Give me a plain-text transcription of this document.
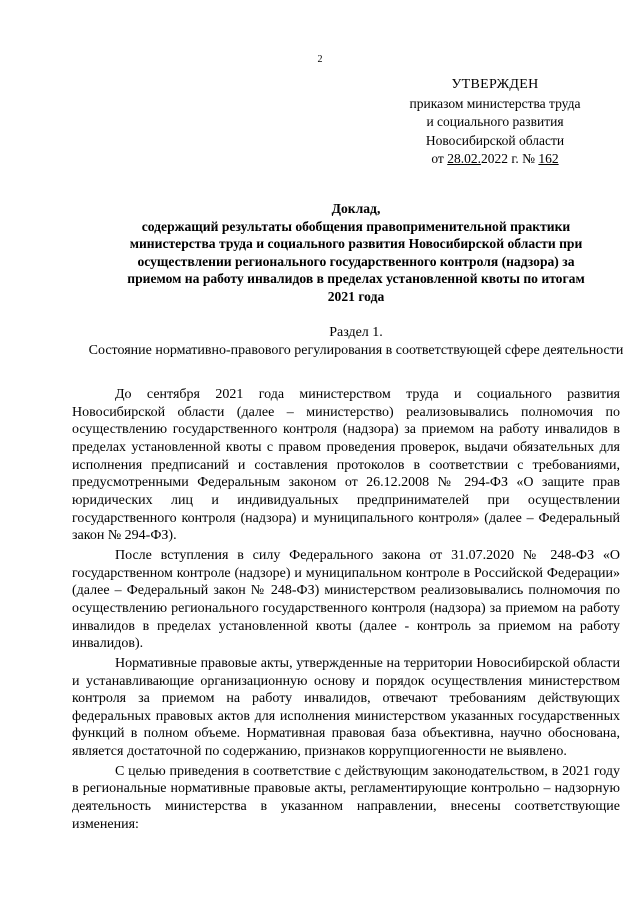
2
УТВЕРЖДЕН
приказом министерства труда
и социального развития
Новосибирской области
от 28.02.2022 г. № 162
Доклад,
содержащий результаты обобщения правоприменительной практики
министерства труда и социального развития Новосибирской области при
осуществлении регионального государственного контроля (надзора) за
приемом на работу инвалидов в пределах установленной квоты по итогам
2021 года
Раздел 1.
Состояние нормативно-правового регулирования в соответствующей сфере деятельности

До сентября 2021 года министерством труда и социального развития Новосибирской области (далее – министерство) реализовывались полномочия по осуществлению государственного контроля (надзора) за приемом на работу инвалидов в пределах установленной квоты с правом проведения проверок, выдачи обязательных для исполнения предписаний и составления протоколов в соответствии с требованиями, предусмотренными Федеральным законом от 26.12.2008 № 294-ФЗ «О защите прав юридических лиц и индивидуальных предпринимателей при осуществлении государственного контроля (надзора) и муниципального контроля» (далее – Федеральный закон № 294-ФЗ).

После вступления в силу Федерального закона от 31.07.2020 № 248-ФЗ «О государственном контроле (надзоре) и муниципальном контроле в Российской Федерации» (далее – Федеральный закон № 248-ФЗ) министерством реализовывались полномочия по осуществлению регионального государственного контроля (надзора) за приемом на работу инвалидов в пределах установленной квоты (далее - контроль за приемом на работу инвалидов).

Нормативные правовые акты, утвержденные на территории Новосибирской области и устанавливающие организационную основу и порядок осуществления министерством контроля за приемом на работу инвалидов, отвечают требованиям действующих федеральных правовых актов для исполнения министерством указанных государственных функций в полном объеме. Нормативная правовая база объективна, научно обоснована, является достаточной по содержанию, признаков коррупциогенности не выявлено.

С целью приведения в соответствие с действующим законодательством, в 2021 году в региональные нормативные правовые акты, регламентирующие контрольно – надзорную деятельность министерства в указанном направлении, внесены соответствующие изменения:
